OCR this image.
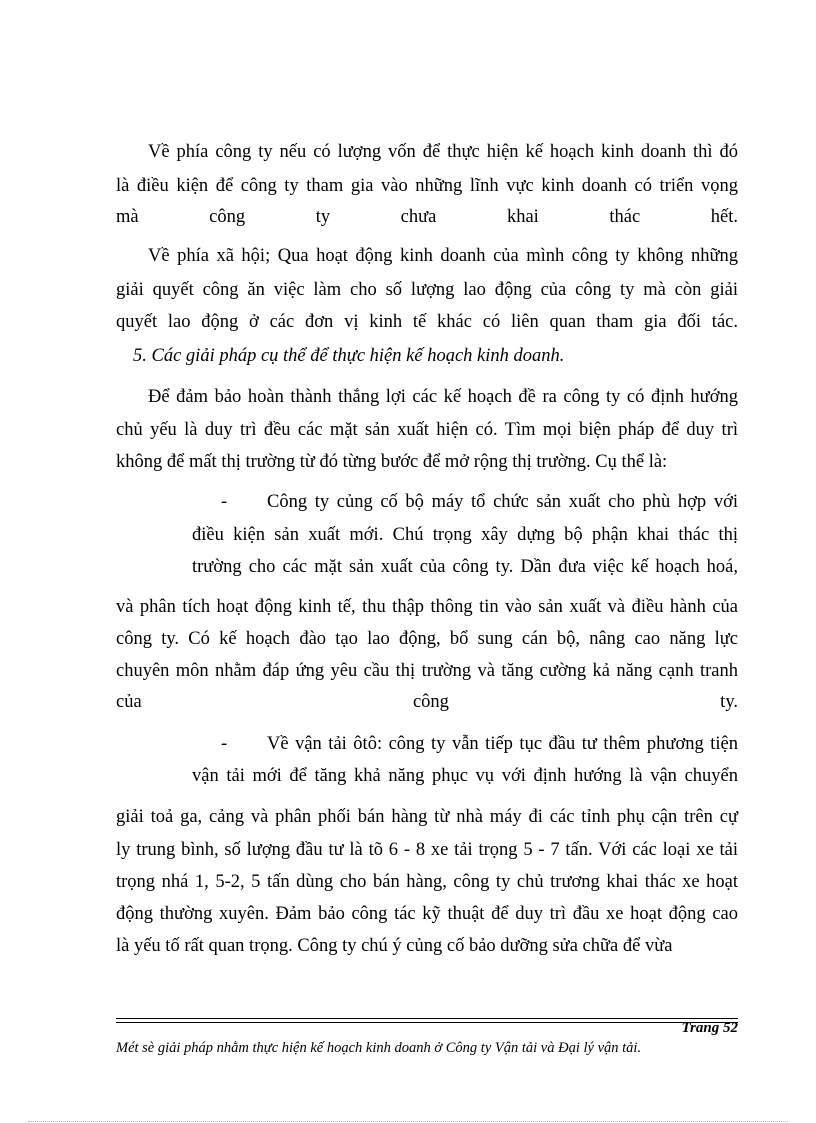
Về phía công ty nếu có lượng vốn để thực hiện kế hoạch kinh doanh thì đó
là điều kiện để công ty tham gia vào những lĩnh vực kinh doanh có triển vọng
mà công ty chưa khai thác hết.
Về phía xã hội; Qua hoạt động kinh doanh của mình công ty không những
giải quyết công ăn việc làm cho số lượng lao động của công ty mà còn giải
quyết lao động ở các đơn vị kinh tế khác có liên quan tham gia đối tác.
5. Các giải pháp cụ thể để thực hiện kế hoạch kinh doanh.
Để đảm bảo hoàn thành thắng lợi các kế hoạch đề ra công ty có định hướng
chủ yếu là duy trì đều các mặt sản xuất hiện có. Tìm mọi biện pháp để duy trì
không để mất thị trường từ đó từng bước để mở rộng thị trường. Cụ thể là:
- Công ty củng cố bộ máy tổ chức sản xuất cho phù hợp với
điều kiện sản xuất mới. Chú trọng xây dựng bộ phận khai thác thị
trường cho các mặt sản xuất của công ty. Dần đưa việc kế hoạch hoá,
và phân tích hoạt động kinh tế, thu thập thông tin vào sản xuất và điều hành của
công ty. Có kế hoạch đào tạo lao động, bổ sung cán bộ, nâng cao năng lực
chuyên môn nhằm đáp ứng yêu cầu thị trường và tăng cường kả năng cạnh tranh
của công ty.
- Về vận tải ôtô: công ty vẫn tiếp tục đầu tư thêm phương tiện
vận tải mới để tăng khả năng phục vụ với định hướng là vận chuyển
giải toả ga, cảng và phân phối bán hàng từ nhà máy đi các tỉnh phụ cận trên cự
ly trung bình, số lượng đầu tư là tõ 6 - 8 xe tải trọng 5 - 7 tấn. Với các loại xe tải
trọng nhá 1, 5-2, 5 tấn dùng cho bán hàng, công ty chủ trương khai thác xe hoạt
động thường xuyên. Đảm bảo công tác kỹ thuật để duy trì đầu xe hoạt động cao
là yếu tố rất quan trọng. Công ty chú ý củng cố bảo dưỡng sửa chữa để vừa
Trang 52
Mét sè giải pháp nhằm thực hiện kế hoạch kinh doanh ở Công ty Vận tải và Đại lý vận tải.
